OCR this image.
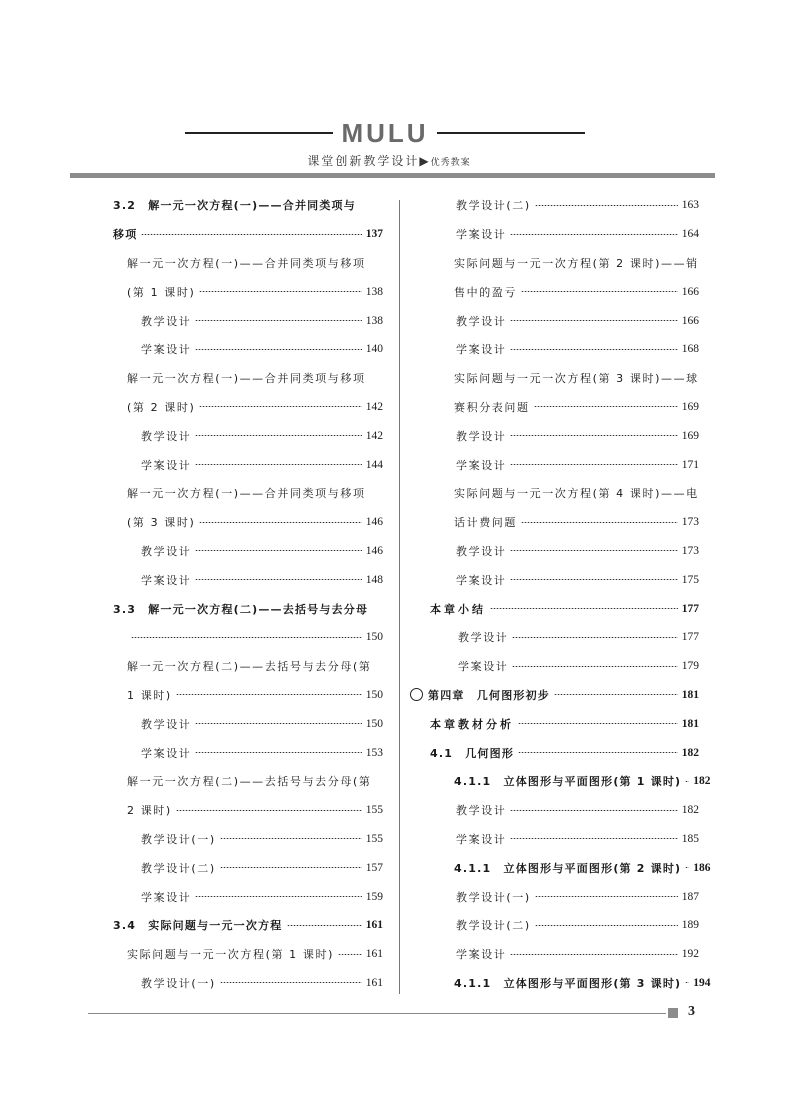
MULU
课堂创新教学设计▶优秀教案
3.2　解一元一次方程(一)——合并同类项与
移项	137
解一元一次方程(一)——合并同类项与移项
(第 1 课时)	138
教学设计	138
学案设计	140
解一元一次方程(一)——合并同类项与移项
(第 2 课时)	142
教学设计	142
学案设计	144
解一元一次方程(一)——合并同类项与移项
(第 3 课时)	146
教学设计	146
学案设计	148
3.3　解一元一次方程(二)——去括号与去分母
150
解一元一次方程(二)——去括号与去分母(第
1 课时)	150
教学设计	150
学案设计	153
解一元一次方程(二)——去括号与去分母(第
2 课时)	155
教学设计(一)	155
教学设计(二)	157
学案设计	159
3.4　实际问题与一元一次方程	161
实际问题与一元一次方程(第 1 课时)	161
教学设计(一)	161
教学设计(二)	163
学案设计	164
实际问题与一元一次方程(第 2 课时)——销
售中的盈亏	166
教学设计	166
学案设计	168
实际问题与一元一次方程(第 3 课时)——球
赛积分表问题	169
教学设计	169
学案设计	171
实际问题与一元一次方程(第 4 课时)——电
话计费问题	173
教学设计	173
学案设计	175
本章小结	177
教学设计	177
学案设计	179
第四章　几何图形初步	181
本章教材分析	181
4.1　几何图形	182
4.1.1　立体图形与平面图形(第 1 课时) 182
教学设计	182
学案设计	185
4.1.1　立体图形与平面图形(第 2 课时) 186
教学设计(一)	187
教学设计(二)	189
学案设计	192
4.1.1　立体图形与平面图形(第 3 课时) 194
3
